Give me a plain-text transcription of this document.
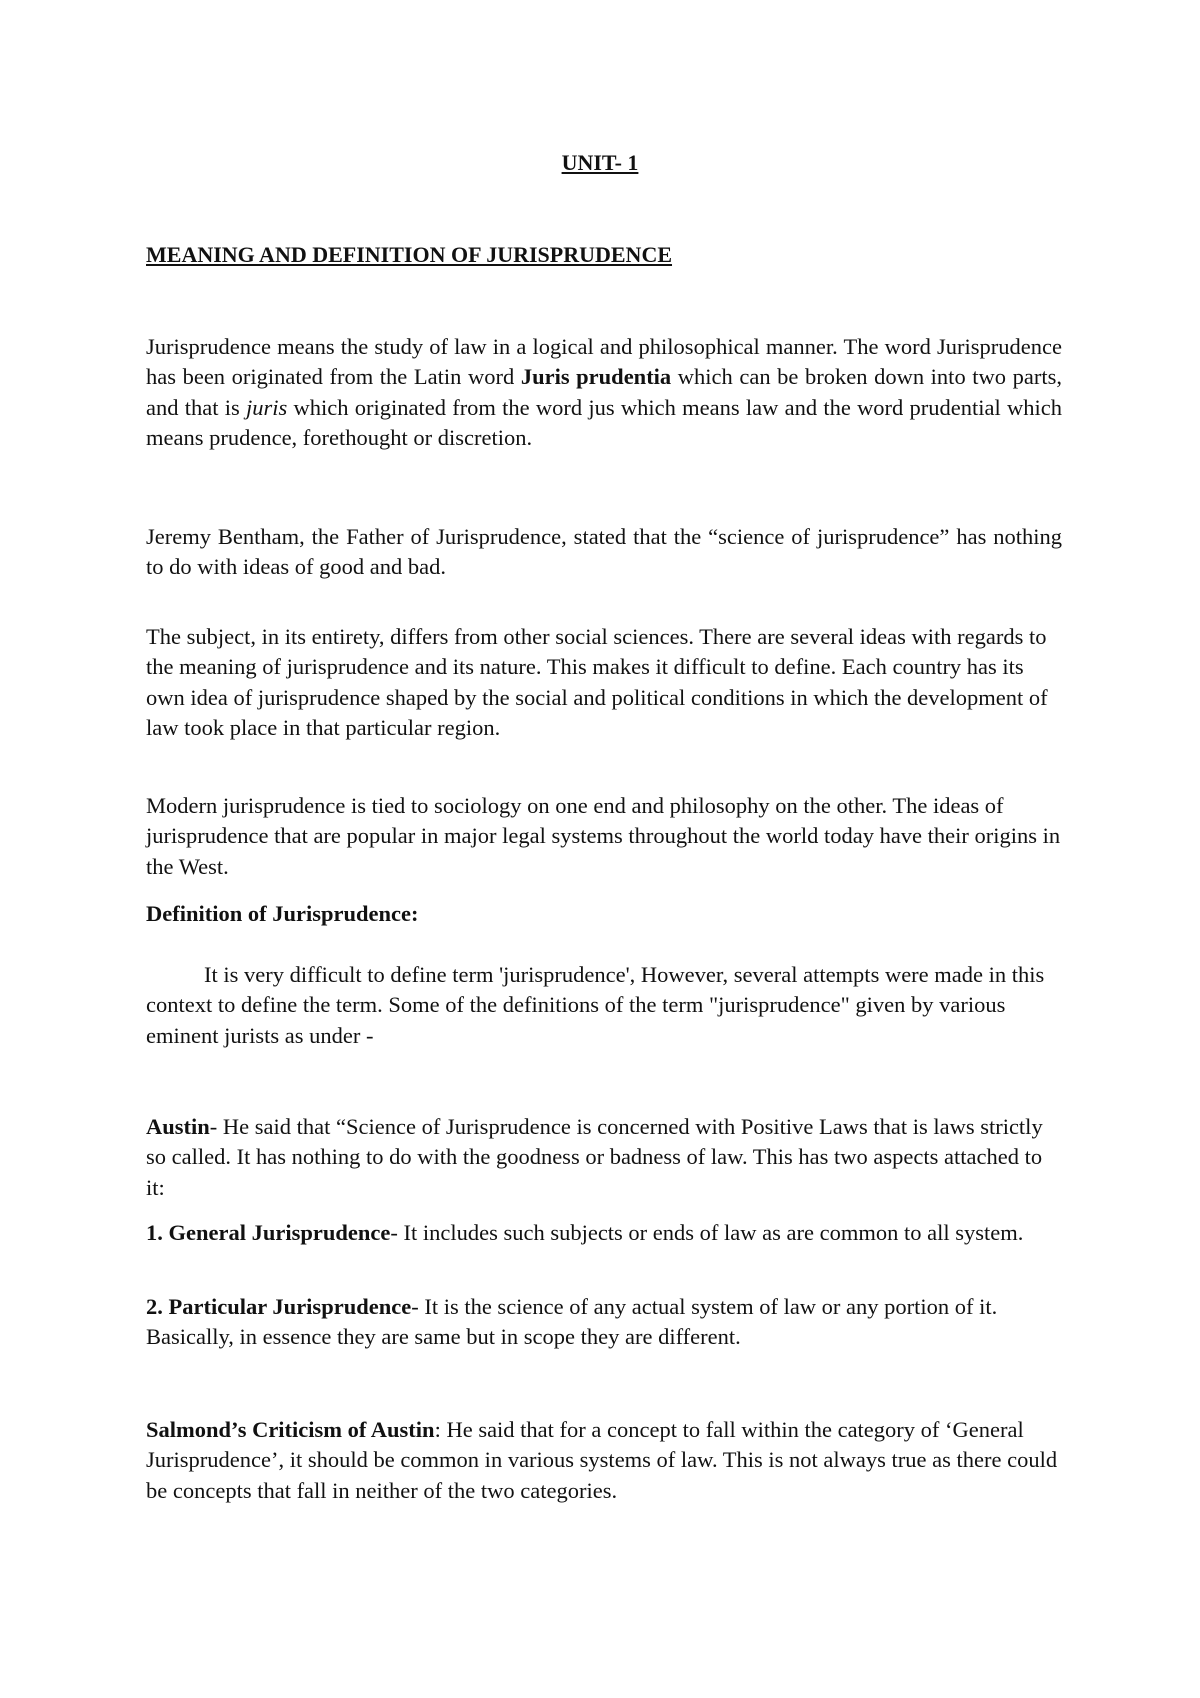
UNIT- 1
MEANING AND DEFINITION OF JURISPRUDENCE

Jurisprudence means the study of law in a logical and philosophical manner. The word Jurisprudence has been originated from the Latin word Juris prudentia which can be broken down into two parts, and that is juris which originated from the word jus which means law and the word prudential which means prudence, forethought or discretion.

Jeremy Bentham, the Father of Jurisprudence, stated that the “science of jurisprudence” has nothing to do with ideas of good and bad.

The subject, in its entirety, differs from other social sciences. There are several ideas with regards to the meaning of jurisprudence and its nature. This makes it difficult to define. Each country has its own idea of jurisprudence shaped by the social and political conditions in which the development of law took place in that particular region.

Modern jurisprudence is tied to sociology on one end and philosophy on the other. The ideas of jurisprudence that are popular in major legal systems throughout the world today have their origins in the West.

Definition of Jurisprudence:

It is very difficult to define term 'jurisprudence', However, several attempts were made in this context to define the term. Some of the definitions of the term "jurisprudence" given by various eminent jurists as under -

Austin- He said that “Science of Jurisprudence is concerned with Positive Laws that is laws strictly so called. It has nothing to do with the goodness or badness of law. This has two aspects attached to it:

1. General Jurisprudence- It includes such subjects or ends of law as are common to all system.

2. Particular Jurisprudence- It is the science of any actual system of law or any portion of it. Basically, in essence they are same but in scope they are different.

Salmond’s Criticism of Austin: He said that for a concept to fall within the category of ‘General Jurisprudence’, it should be common in various systems of law. This is not always true as there could be concepts that fall in neither of the two categories.
